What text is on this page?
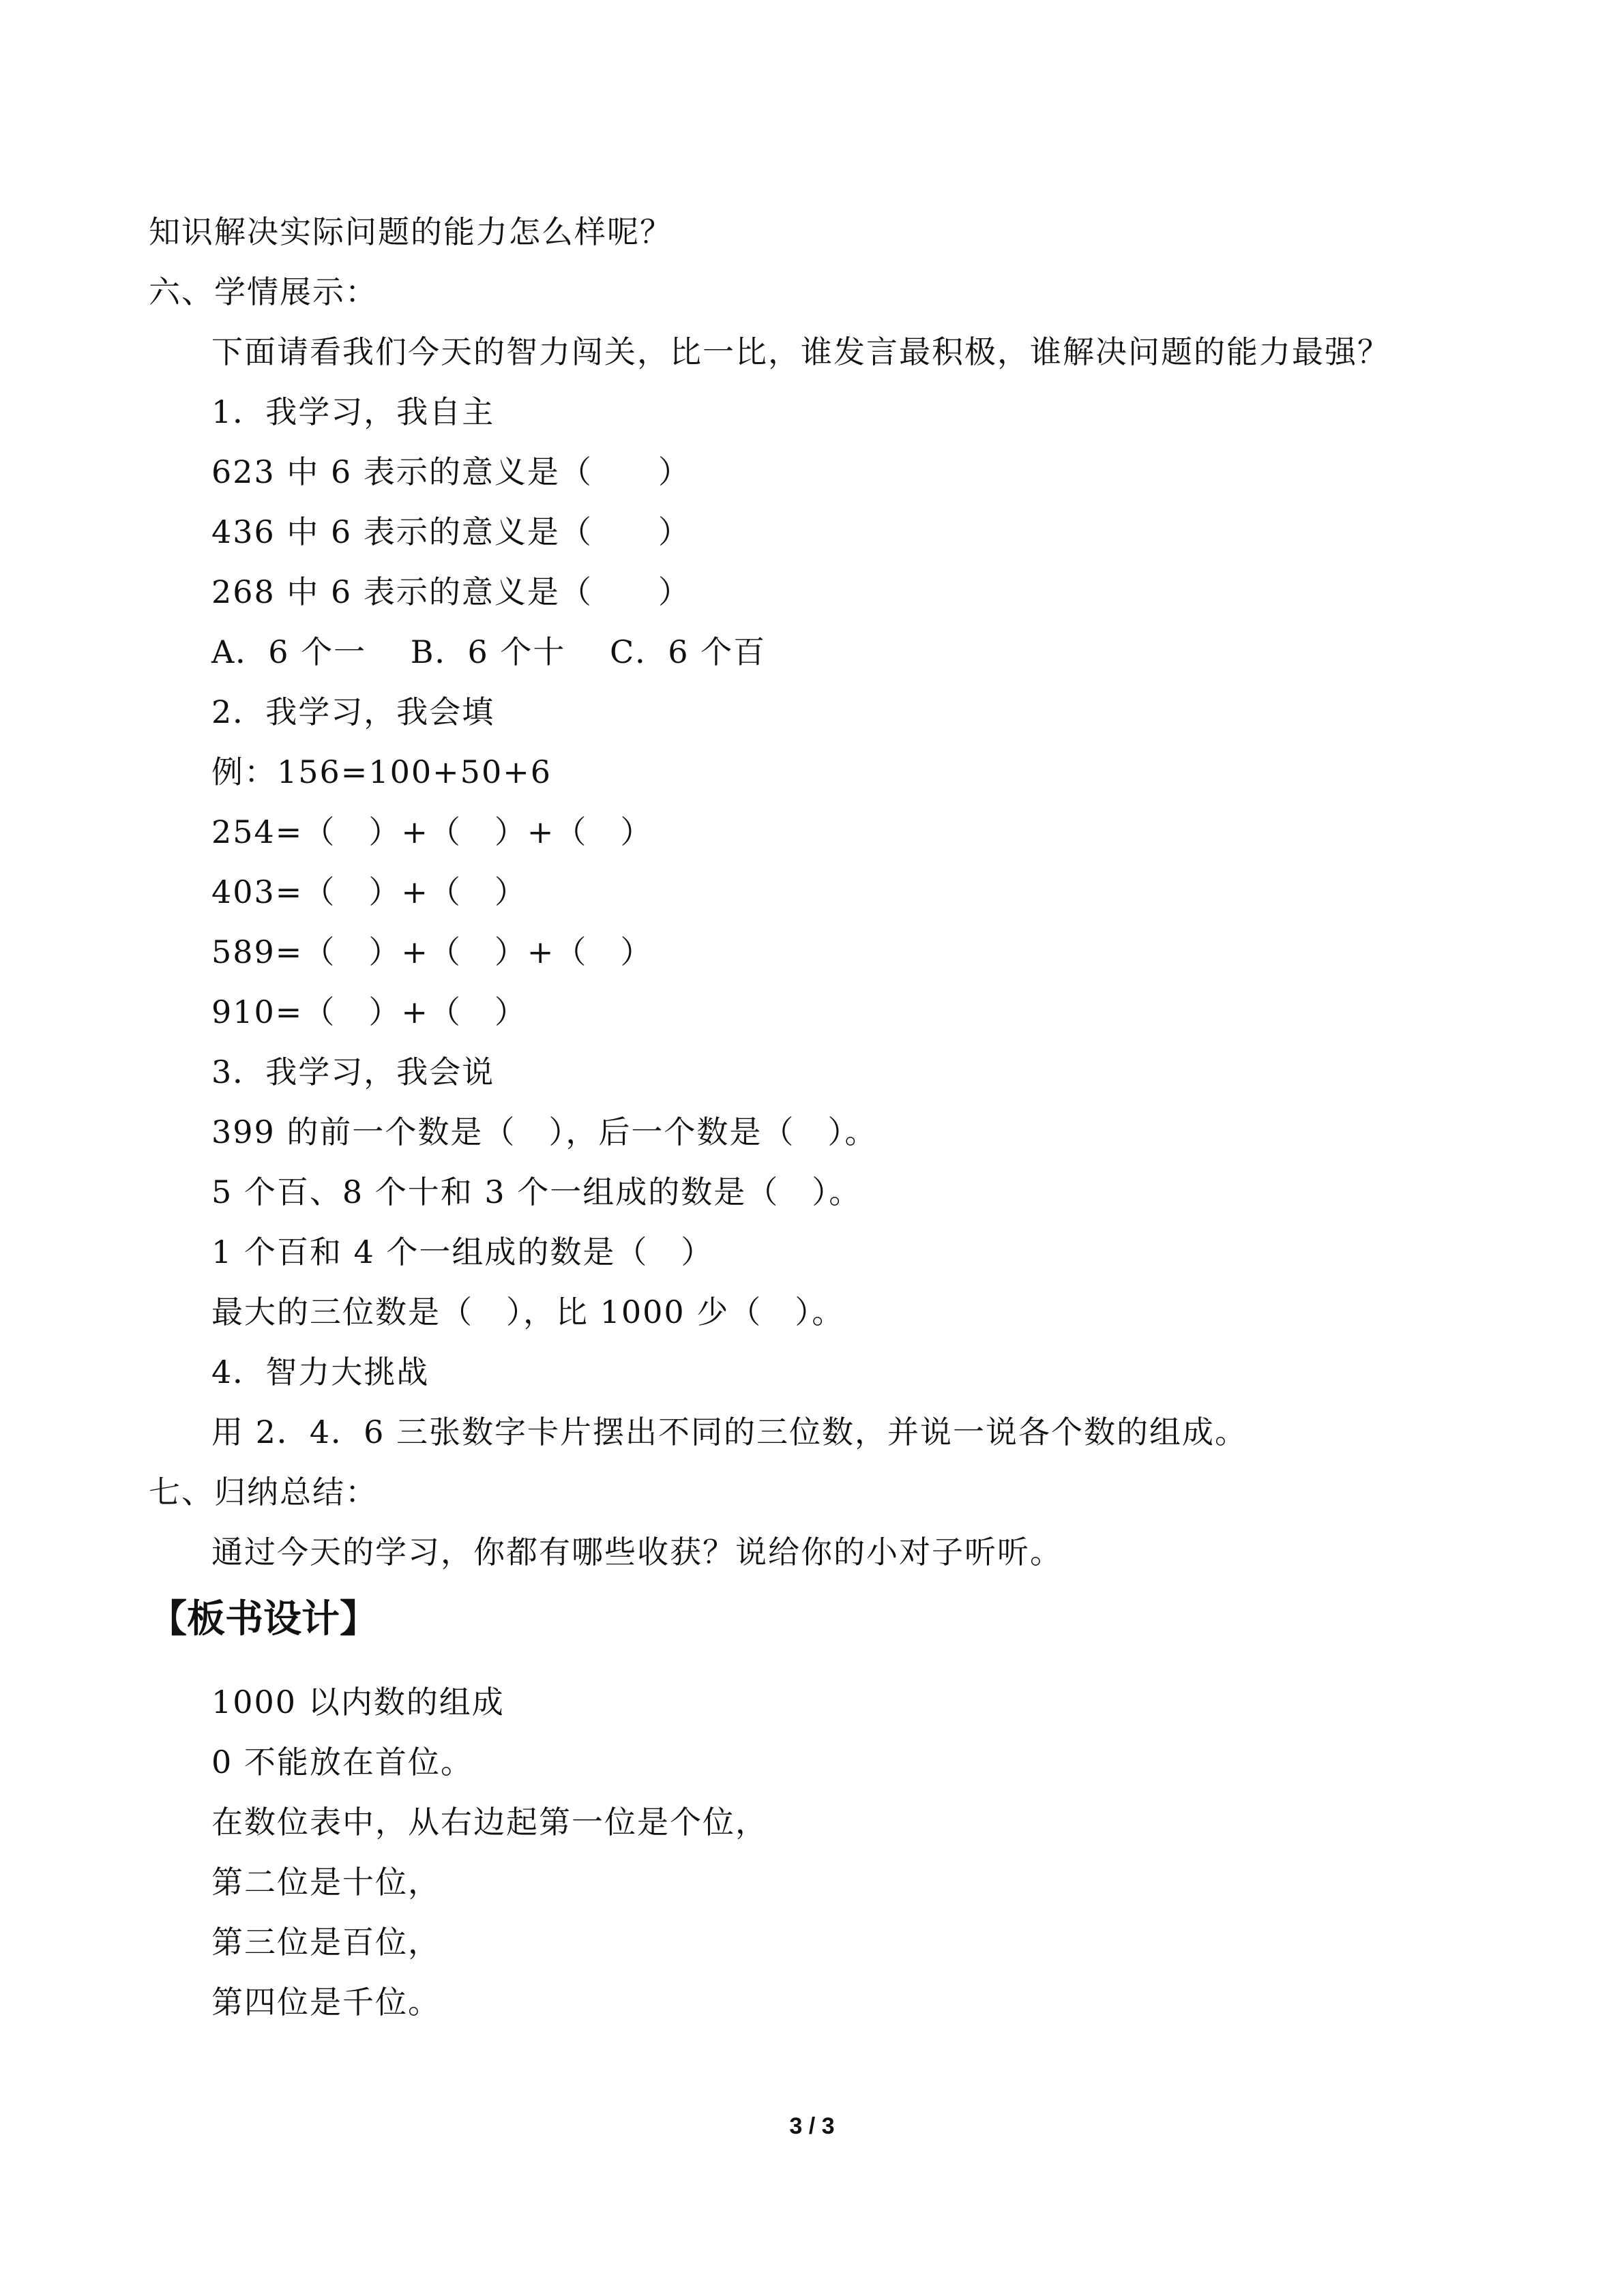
知识解决实际问题的能力怎么样呢？
六、学情展示：
下面请看我们今天的智力闯关，比一比，谁发言最积极，谁解决问题的能力最强？
1．我学习，我自主
623 中 6 表示的意义是（　　）
436 中 6 表示的意义是（　　）
268 中 6 表示的意义是（　　）
A．6 个一　 B．6 个十　 C．6 个百
2．我学习，我会填
例：156=100+50+6
254=（　）+（　）+（　）
403=（　）+（　）
589=（　）+（　）+（　）
910=（　）+（　）
3．我学习，我会说
399 的前一个数是（　），后一个数是（　）。
5 个百、8 个十和 3 个一组成的数是（　）。
1 个百和 4 个一组成的数是（　）
最大的三位数是（　），比 1000 少（　）。
4．智力大挑战
用 2．4．6 三张数字卡片摆出不同的三位数，并说一说各个数的组成。
七、归纳总结：
通过今天的学习，你都有哪些收获？说给你的小对子听听。
【板书设计】
1000 以内数的组成
0 不能放在首位。
在数位表中，从右边起第一位是个位，
第二位是十位，
第三位是百位，
第四位是千位。
3 / 3
